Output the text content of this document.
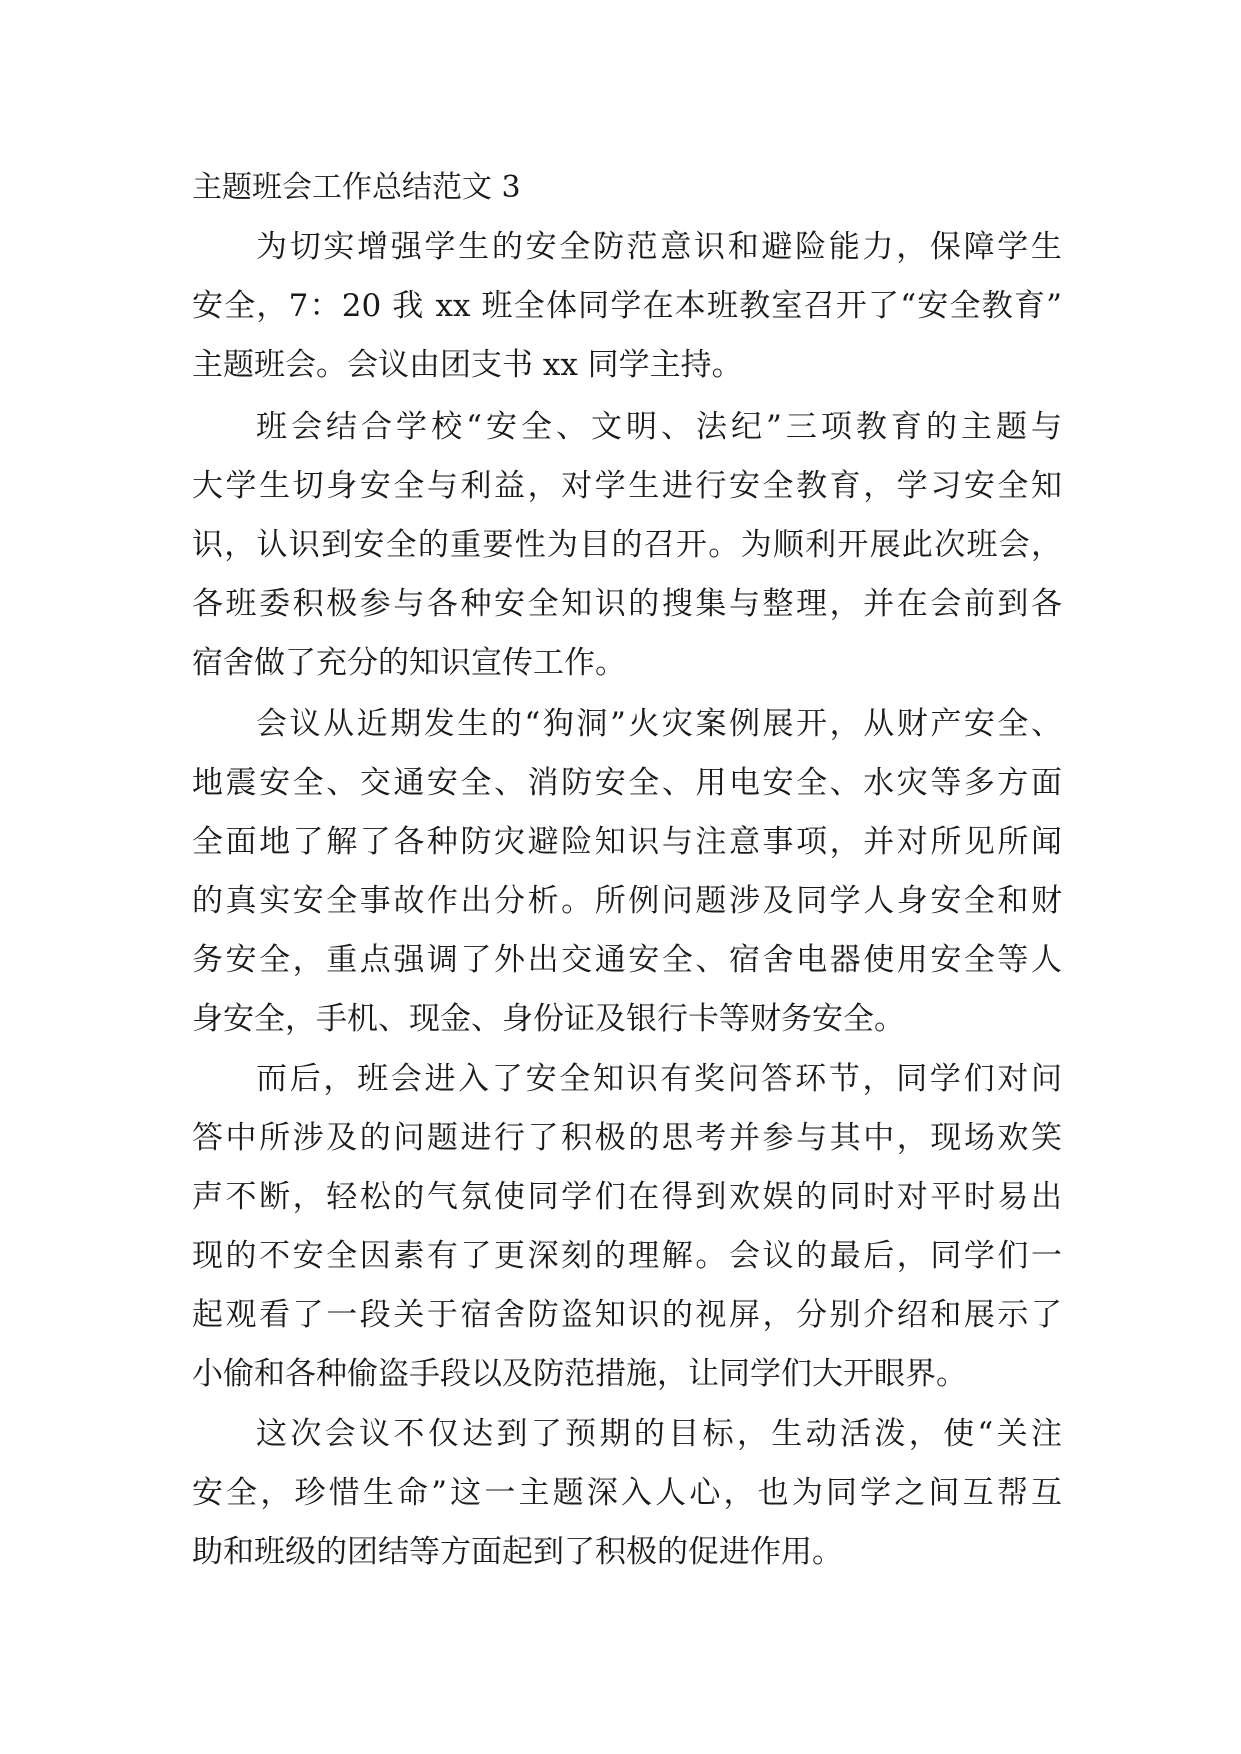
主题班会工作总结范文 3
为切实增强学生的安全防范意识和避险能力，保障学生
安全，7：20 我 xx 班全体同学在本班教室召开了“安全教育”
主题班会。会议由团支书 xx 同学主持。
班会结合学校“安全、文明、法纪”三项教育的主题与
大学生切身安全与利益，对学生进行安全教育，学习安全知
识，认识到安全的重要性为目的召开。为顺利开展此次班会，
各班委积极参与各种安全知识的搜集与整理，并在会前到各
宿舍做了充分的知识宣传工作。
会议从近期发生的“狗洞”火灾案例展开，从财产安全、
地震安全、交通安全、消防安全、用电安全、水灾等多方面
全面地了解了各种防灾避险知识与注意事项，并对所见所闻
的真实安全事故作出分析。所例问题涉及同学人身安全和财
务安全，重点强调了外出交通安全、宿舍电器使用安全等人
身安全，手机、现金、身份证及银行卡等财务安全。
而后，班会进入了安全知识有奖问答环节，同学们对问
答中所涉及的问题进行了积极的思考并参与其中，现场欢笑
声不断，轻松的气氛使同学们在得到欢娱的同时对平时易出
现的不安全因素有了更深刻的理解。会议的最后，同学们一
起观看了一段关于宿舍防盗知识的视屏，分别介绍和展示了
小偷和各种偷盗手段以及防范措施，让同学们大开眼界。
这次会议不仅达到了预期的目标，生动活泼，使“关注
安全，珍惜生命”这一主题深入人心，也为同学之间互帮互
助和班级的团结等方面起到了积极的促进作用。
